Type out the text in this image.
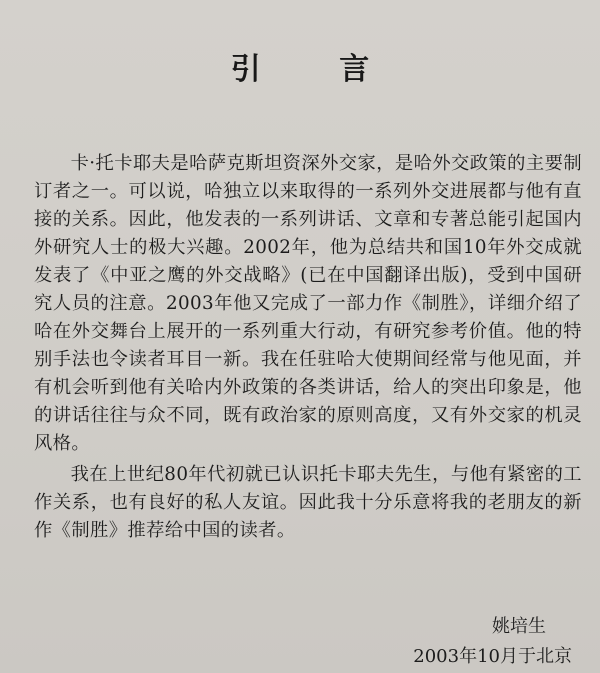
引 言

卡·托卡耶夫是哈萨克斯坦资深外交家，是哈外交政策的主要制订者之一。可以说，哈独立以来取得的一系列外交进展都与他有直接的关系。因此，他发表的一系列讲话、文章和专著总能引起国内外研究人士的极大兴趣。2002年，他为总结共和国10年外交成就发表了《中亚之鹰的外交战略》(已在中国翻译出版)，受到中国研究人员的注意。2003年他又完成了一部力作《制胜》，详细介绍了哈在外交舞台上展开的一系列重大行动，有研究参考价值。他的特别手法也令读者耳目一新。我在任驻哈大使期间经常与他见面，并有机会听到他有关哈内外政策的各类讲话，给人的突出印象是，他的讲话往往与众不同，既有政治家的原则高度，又有外交家的机灵风格。

我在上世纪80年代初就已认识托卡耶夫先生，与他有紧密的工作关系，也有良好的私人友谊。因此我十分乐意将我的老朋友的新作《制胜》推荐给中国的读者。

姚培生
2003年10月于北京
